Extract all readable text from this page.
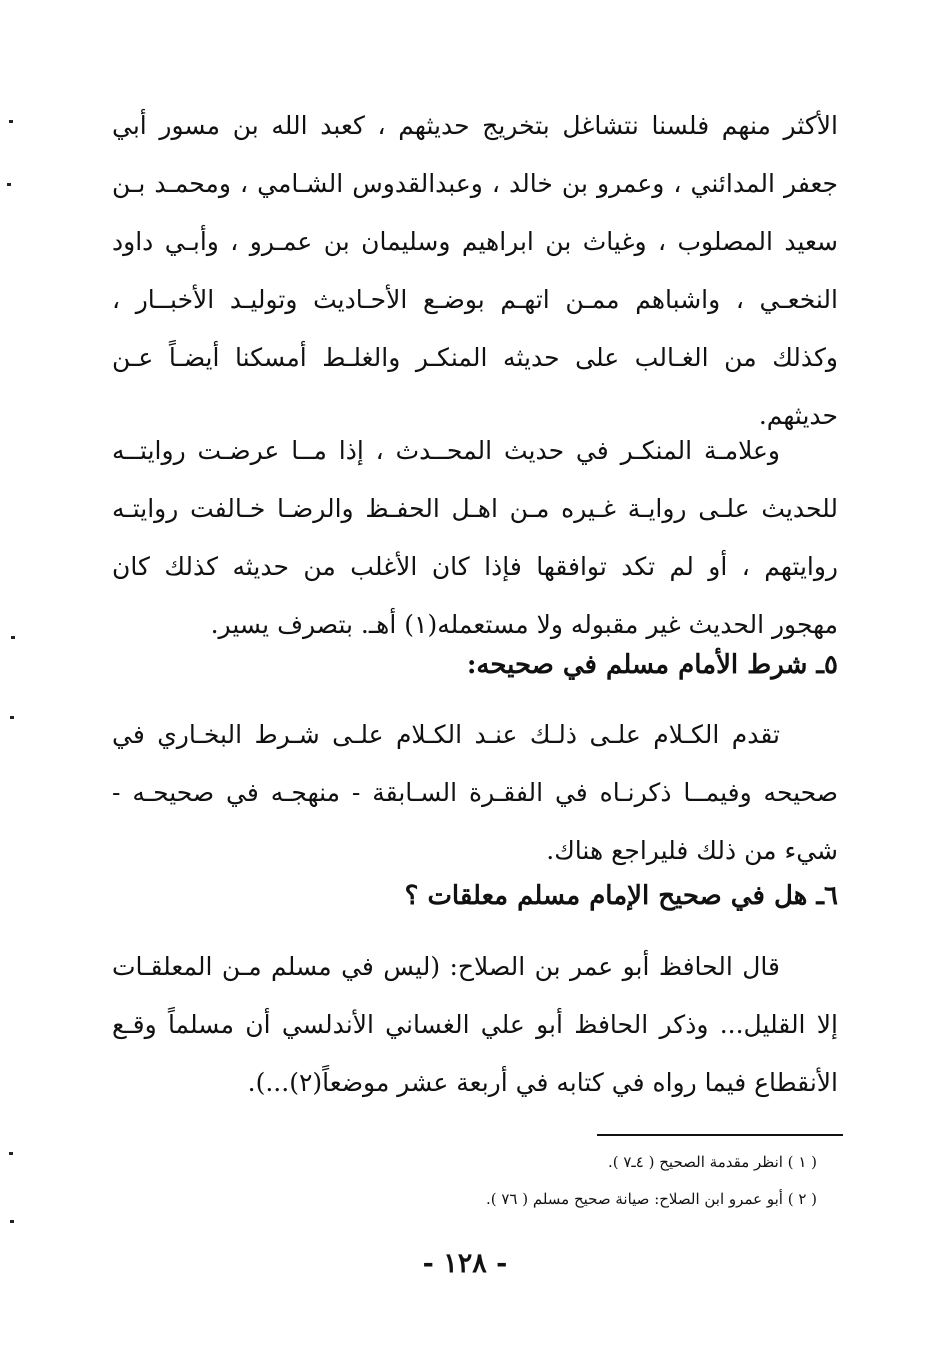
الأكثر منهم فلسنا نتشاغل بتخريج حديثهم ، كعبد الله بن مسور أبي
جعفر المدائني ، وعمرو بن خالد ، وعبدالقدوس الشـامي ، ومحمـد بـن
سعيد المصلوب ، وغياث بن ابراهيم وسليمان بن عمـرو ، وأبـي داود
النخعـي ، واشباهم ممـن اتهـم بوضـع الأحـاديث وتوليـد الأخبــار ،
وكذلك من الغـالب على حديثه المنكـر والغلـط أمسكنا أيضـاً عـن
حديثهم.
وعلامـة المنكـر في حديث المحــدث ، إذا مــا عرضـت روايتــه
للحديث علـى روايـة غـيره مـن اهـل الحفـظ والرضـا خـالفت روايتـه
روايتهم ، أو لم تكد توافقها فإذا كان الأغلب من حديثه كذلك كان
مهجور الحديث غير مقبوله ولا مستعمله(١) أهـ. بتصرف يسير.
٥ـ شرط الأمام مسلم في صحيحه:
تقدم الكـلام علـى ذلـك عنـد الكـلام علـى شـرط البخـاري في
صحيحه وفيمــا ذكرنـاه في الفقـرة السـابقة - منهجـه في صحيحـه -
شيء من ذلك فليراجع هناك.
٦ـ هل في صحيح الإمام مسلم معلقات ؟
قال الحافظ أبو عمر بن الصلاح: (ليس في مسلم مـن المعلقـات
إلا القليل... وذكر الحافظ أبو علي الغساني الأندلسي أن مسلماً وقـع
الأنقطاع فيما رواه في كتابه في أربعة عشر موضعاً(٢)...).
( ١ ) انظر مقدمة الصحيح ( ٤ـ٧ ).
( ٢ ) أبو عمرو ابن الصلاح: صيانة صحيح مسلم ( ٧٦ ).
- ١٢٨ -
